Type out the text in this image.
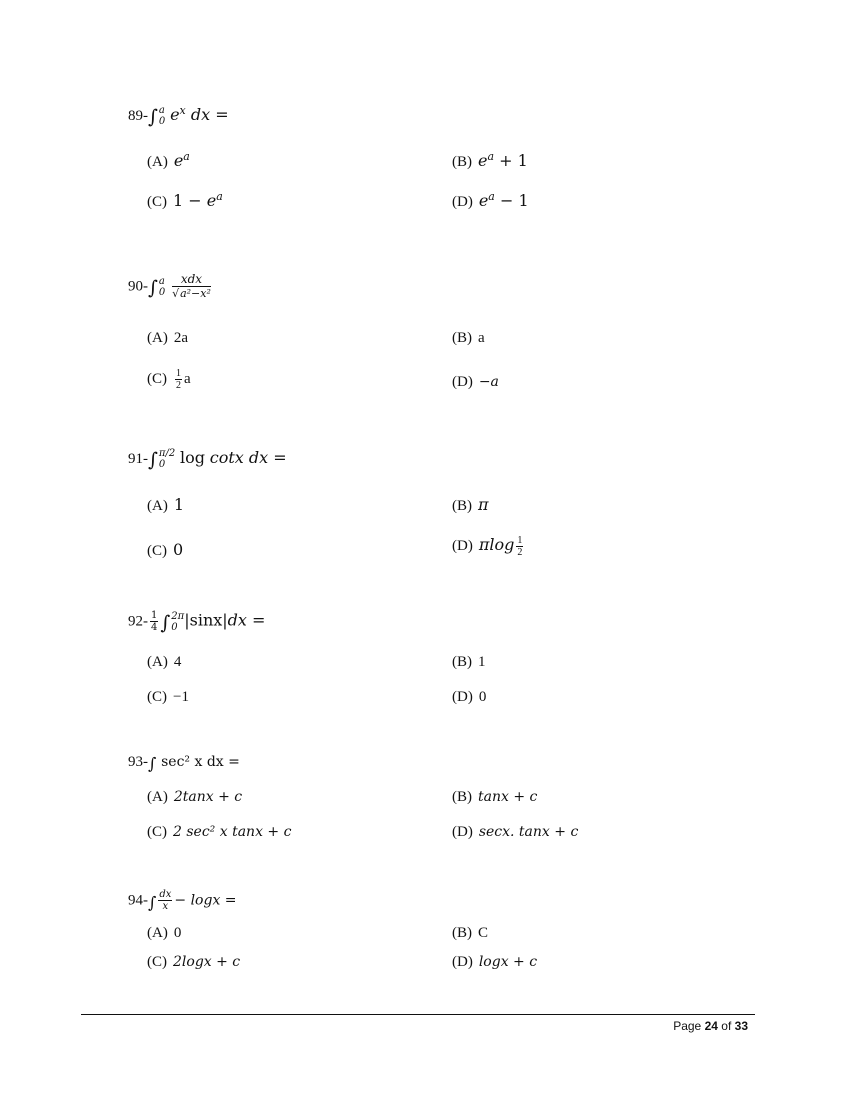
89-∫ a
0 $e^x$ dx =
(A) $e^a$	(B) $e^a + 1$
(C) $1 - e^a$	(D) $e^a - 1$
90-∫ a
0
$\frac{\text{xdx}}{\text{√a²−x²}}$
(A) 2a	(B) a
$(C) \frac{1}{2}$ a	(D) −a
91-∫ π/2
0 log cotx dx =
(A) 1	(B) π
(C) 0	(D) πlog $\frac{1}{2}$
$92- \frac{1}{4}$ ∫ 2π
0 |sinx|dx =
(A) 4	(B) 1
(C) −1	(D) 0
93-∫ sec² x dx =
(A) 2tanx + c	(B) tanx + c
(C) 2 sec² x tanx + c	(D) secx. tanx + c
$94-\int \frac{dx}{x} - \log x$ =
(A) 0	(B) C
(C) 2logx + c	(D) logx + c
Page 24 of 33
